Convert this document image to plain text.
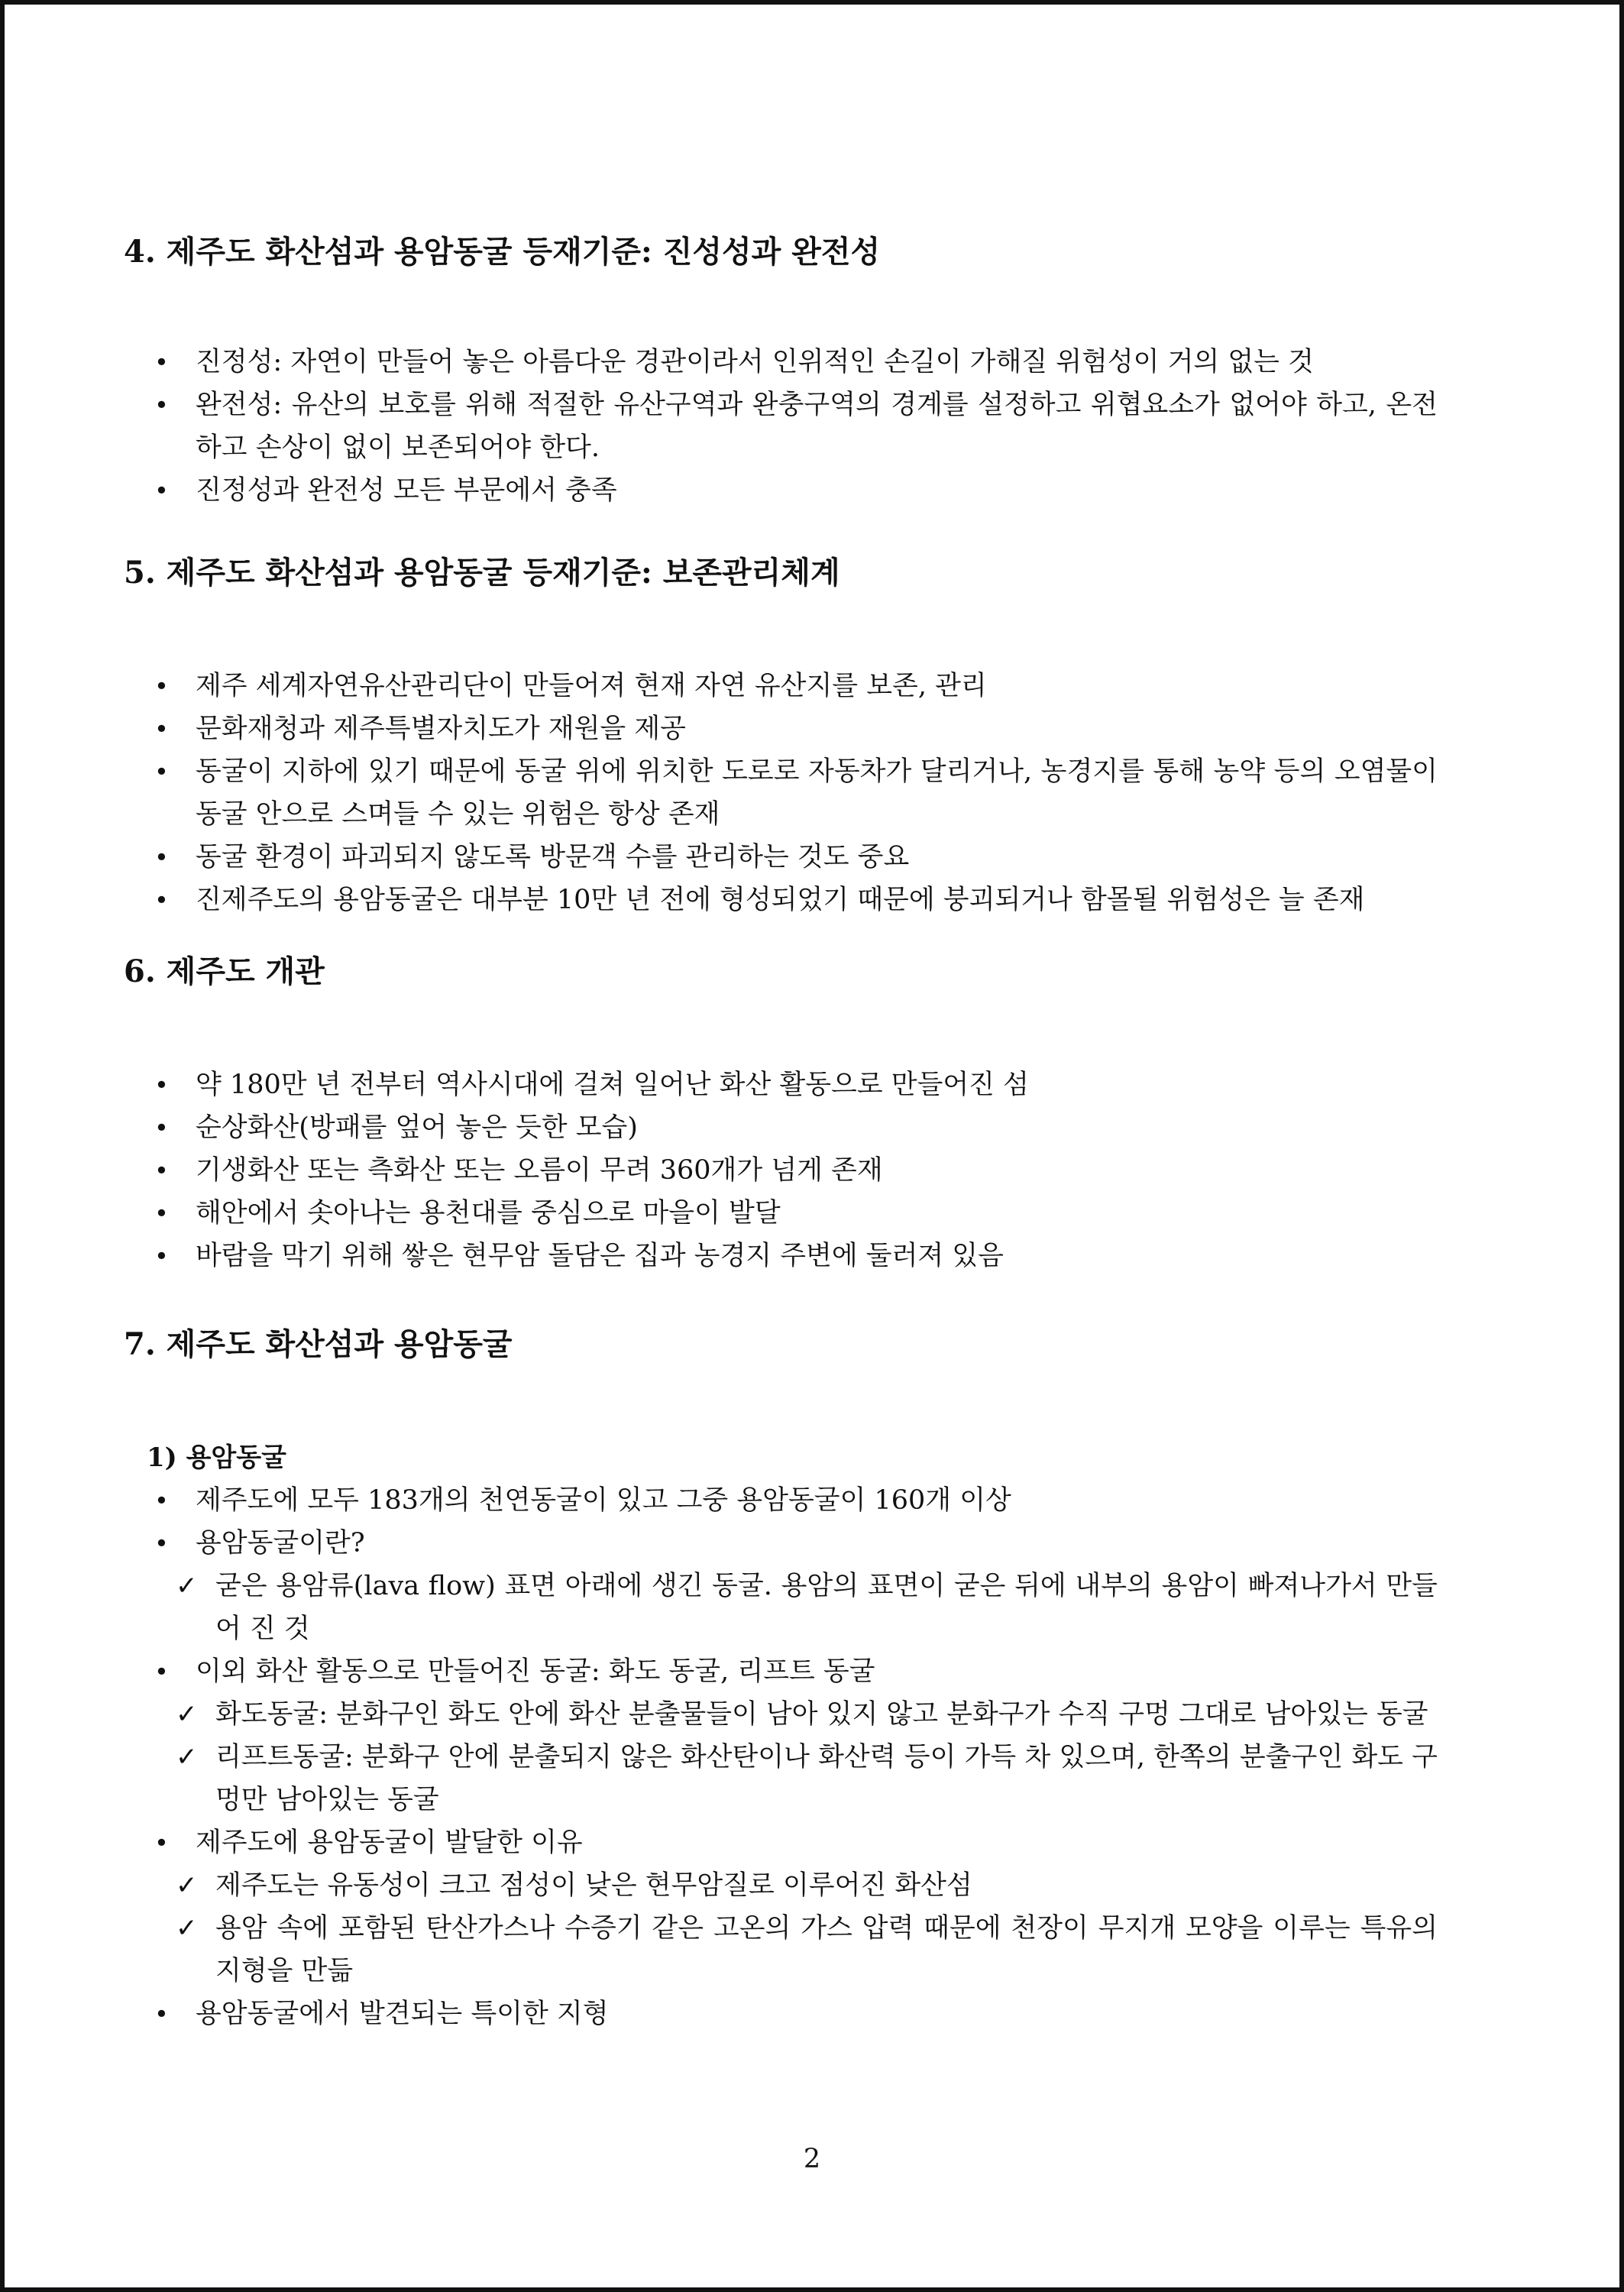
4. 제주도 화산섬과 용암동굴 등재기준: 진성성과 완전성
• 진정성: 자연이 만들어 놓은 아름다운 경관이라서 인위적인 손길이 가해질 위험성이 거의 없는 것
• 완전성: 유산의 보호를 위해 적절한 유산구역과 완충구역의 경계를 설정하고 위협요소가 없어야 하고, 온전하고 손상이 없이 보존되어야 한다.
• 진정성과 완전성 모든 부문에서 충족
5. 제주도 화산섬과 용암동굴 등재기준: 보존관리체계
• 제주 세계자연유산관리단이 만들어져 현재 자연 유산지를 보존, 관리
• 문화재청과 제주특별자치도가 재원을 제공
• 동굴이 지하에 있기 때문에 동굴 위에 위치한 도로로 자동차가 달리거나, 농경지를 통해 농약 등의 오염물이 동굴 안으로 스며들 수 있는 위험은 항상 존재
• 동굴 환경이 파괴되지 않도록 방문객 수를 관리하는 것도 중요
• 진제주도의 용암동굴은 대부분 10만 년 전에 형성되었기 때문에 붕괴되거나 함몰될 위험성은 늘 존재
6. 제주도 개관
• 약 180만 년 전부터 역사시대에 걸쳐 일어난 화산 활동으로 만들어진 섬
• 순상화산(방패를 엎어 놓은 듯한 모습)
• 기생화산 또는 측화산 또는 오름이 무려 360개가 넘게 존재
• 해안에서 솟아나는 용천대를 중심으로 마을이 발달
• 바람을 막기 위해 쌓은 현무암 돌담은 집과 농경지 주변에 둘러져 있음
7. 제주도 화산섬과 용암동굴
1) 용암동굴
• 제주도에 모두 183개의 천연동굴이 있고 그중 용암동굴이 160개 이상
• 용암동굴이란?
✓ 굳은 용암류(lava flow) 표면 아래에 생긴 동굴. 용암의 표면이 굳은 뒤에 내부의 용암이 빠져나가서 만들어 진 것
• 이외 화산 활동으로 만들어진 동굴: 화도 동굴, 리프트 동굴
✓ 화도동굴: 분화구인 화도 안에 화산 분출물들이 남아 있지 않고 분화구가 수직 구멍 그대로 남아있는 동굴
✓ 리프트동굴: 분화구 안에 분출되지 않은 화산탄이나 화산력 등이 가득 차 있으며, 한쪽의 분출구인 화도 구멍만 남아있는 동굴
• 제주도에 용암동굴이 발달한 이유
✓ 제주도는 유동성이 크고 점성이 낮은 현무암질로 이루어진 화산섬
✓ 용암 속에 포함된 탄산가스나 수증기 같은 고온의 가스 압력 때문에 천장이 무지개 모양을 이루는 특유의 지형을 만듦
• 용암동굴에서 발견되는 특이한 지형
2
